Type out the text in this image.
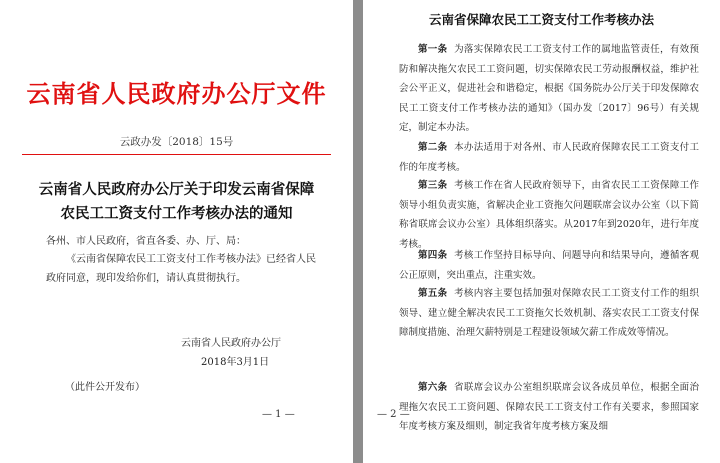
云南省人民政府办公厅文件
云政办发〔2018〕15号
云南省人民政府办公厅关于印发云南省保障
农民工工资支付工作考核办法的通知

各州、市人民政府，省直各委、办、厅、局：

《云南省保障农民工工资支付工作考核办法》已经省人民政府同意，现印发给你们，请认真贯彻执行。

云南省人民政府办公厅

2018年3月1日

（此件公开发布）

— 1 —
云南省保障农民工工资支付工作考核办法

第一条 为落实保障农民工工资支付工作的属地监管责任，有效预防和解决拖欠农民工工资问题，切实保障农民工劳动报酬权益，维护社会公平正义，促进社会和谐稳定，根据《国务院办公厅关于印发保障农民工工资支付工作考核办法的通知》（国办发〔2017〕96号）有关规定，制定本办法。

第二条 本办法适用于对各州、市人民政府保障农民工工资支付工作的年度考核。

第三条 考核工作在省人民政府领导下，由省农民工工资保障工作领导小组负责实施，省解决企业工资拖欠问题联席会议办公室（以下简称省联席会议办公室）具体组织落实。从2017年到2020年，进行年度考核。

第四条 考核工作坚持目标导向、问题导向和结果导向，遵循客观公正原则，突出重点，注重实效。

第五条 考核内容主要包括加强对保障农民工工资支付工作的组织领导、建立健全解决农民工工资拖欠长效机制、落实农民工工资支付保障制度措施、治理欠薪特别是工程建设领域欠薪工作成效等情况。

第六条 省联席会议办公室组织联席会议各成员单位，根据全面治理拖欠农民工工资问题、保障农民工工资支付工作有关要求，参照国家年度考核方案及细则，制定我省年度考核方案及细

— 2 —
